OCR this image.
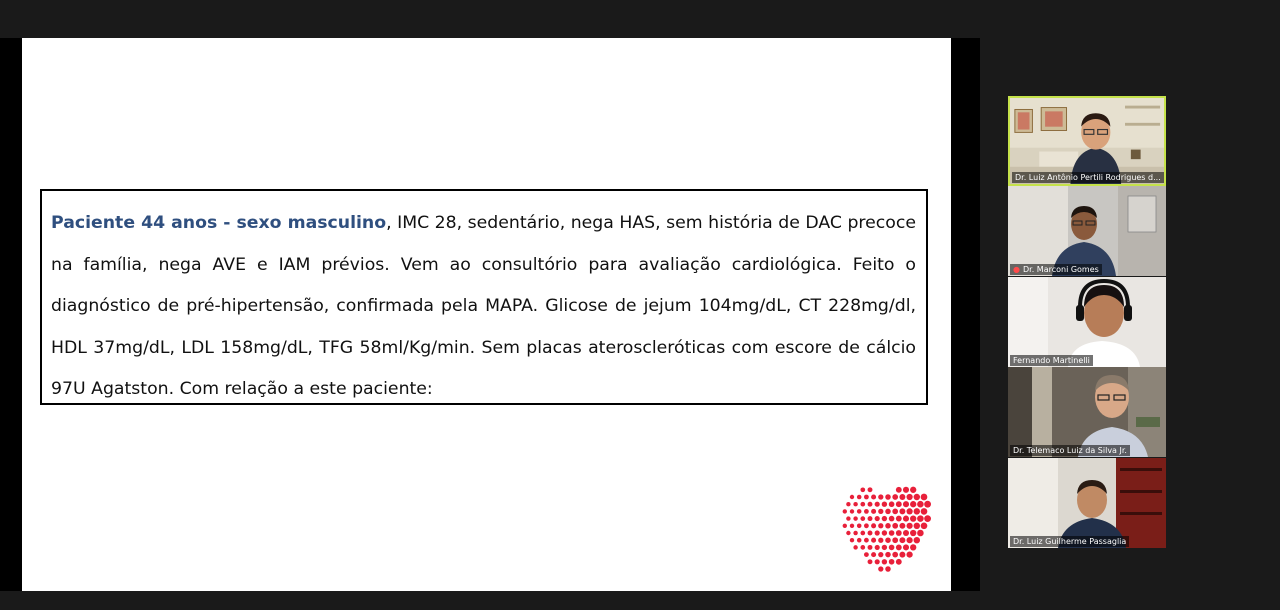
Paciente 44 anos - sexo masculino, IMC 28, sedentário, nega HAS, sem história de DAC precoce na família, nega AVE e IAM prévios. Vem ao consultório para avaliação cardiológica. Feito o diagnóstico de pré-hipertensão, confirmada pela MAPA. Glicose de jejum 104mg/dL, CT 228mg/dl, HDL 37mg/dL, LDL 158mg/dL, TFG 58ml/Kg/min. Sem placas ateroscleróticas com escore de cálcio 97U Agatston. Com relação a este paciente:
Dr. Luiz Antônio Pertili Rodrigues d...
● Dr. Marconi Gomes
Fernando Martinelli
Dr. Telemaco Luiz da Silva Jr.
Dr. Luiz Guilherme Passaglia
